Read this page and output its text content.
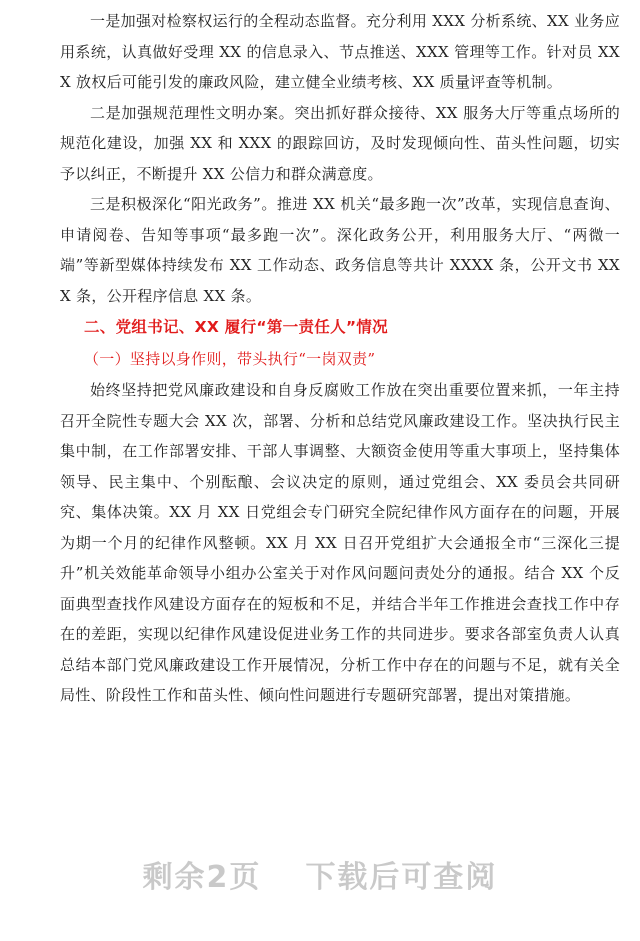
一是加强对检察权运行的全程动态监督。充分利用 XXX 分析系统、XX 业务应用系统，认真做好受理 XX 的信息录入、节点推送、XXX 管理等工作。针对员 XXX 放权后可能引发的廉政风险，建立健全业绩考核、XX 质量评查等机制。

二是加强规范理性文明办案。突出抓好群众接待、XX 服务大厅等重点场所的规范化建设，加强 XX 和 XXX 的跟踪回访，及时发现倾向性、苗头性问题，切实予以纠正，不断提升 XX 公信力和群众满意度。

三是积极深化“阳光政务”。推进 XX 机关“最多跑一次”改革，实现信息查询、申请阅卷、告知等事项“最多跑一次”。深化政务公开，利用服务大厅、“两微一端”等新型媒体持续发布 XX 工作动态、政务信息等共计 XXXX 条，公开文书 XXX 条，公开程序信息 XX 条。

二、党组书记、XX 履行“第一责任人”情况

（一）坚持以身作则，带头执行“一岗双责”

始终坚持把党风廉政建设和自身反腐败工作放在突出重要位置来抓，一年主持召开全院性专题大会 XX 次，部署、分析和总结党风廉政建设工作。坚决执行民主集中制，在工作部署安排、干部人事调整、大额资金使用等重大事项上，坚持集体领导、民主集中、个别酝酿、会议决定的原则，通过党组会、XX 委员会共同研究、集体决策。XX 月 XX 日党组会专门研究全院纪律作风方面存在的问题，开展为期一个月的纪律作风整顿。XX 月 XX 日召开党组扩大会通报全市“三深化三提升”机关效能革命领导小组办公室关于对作风问题问责处分的通报。结合 XX 个反面典型查找作风建设方面存在的短板和不足，并结合半年工作推进会查找工作中存在的差距，实现以纪律作风建设促进业务工作的共同进步。要求各部室负责人认真总结本部门党风廉政建设工作开展情况，分析工作中存在的问题与不足，就有关全局性、阶段性工作和苗头性、倾向性问题进行专题研究部署，提出对策措施。

剩余2页 下载后可查阅
